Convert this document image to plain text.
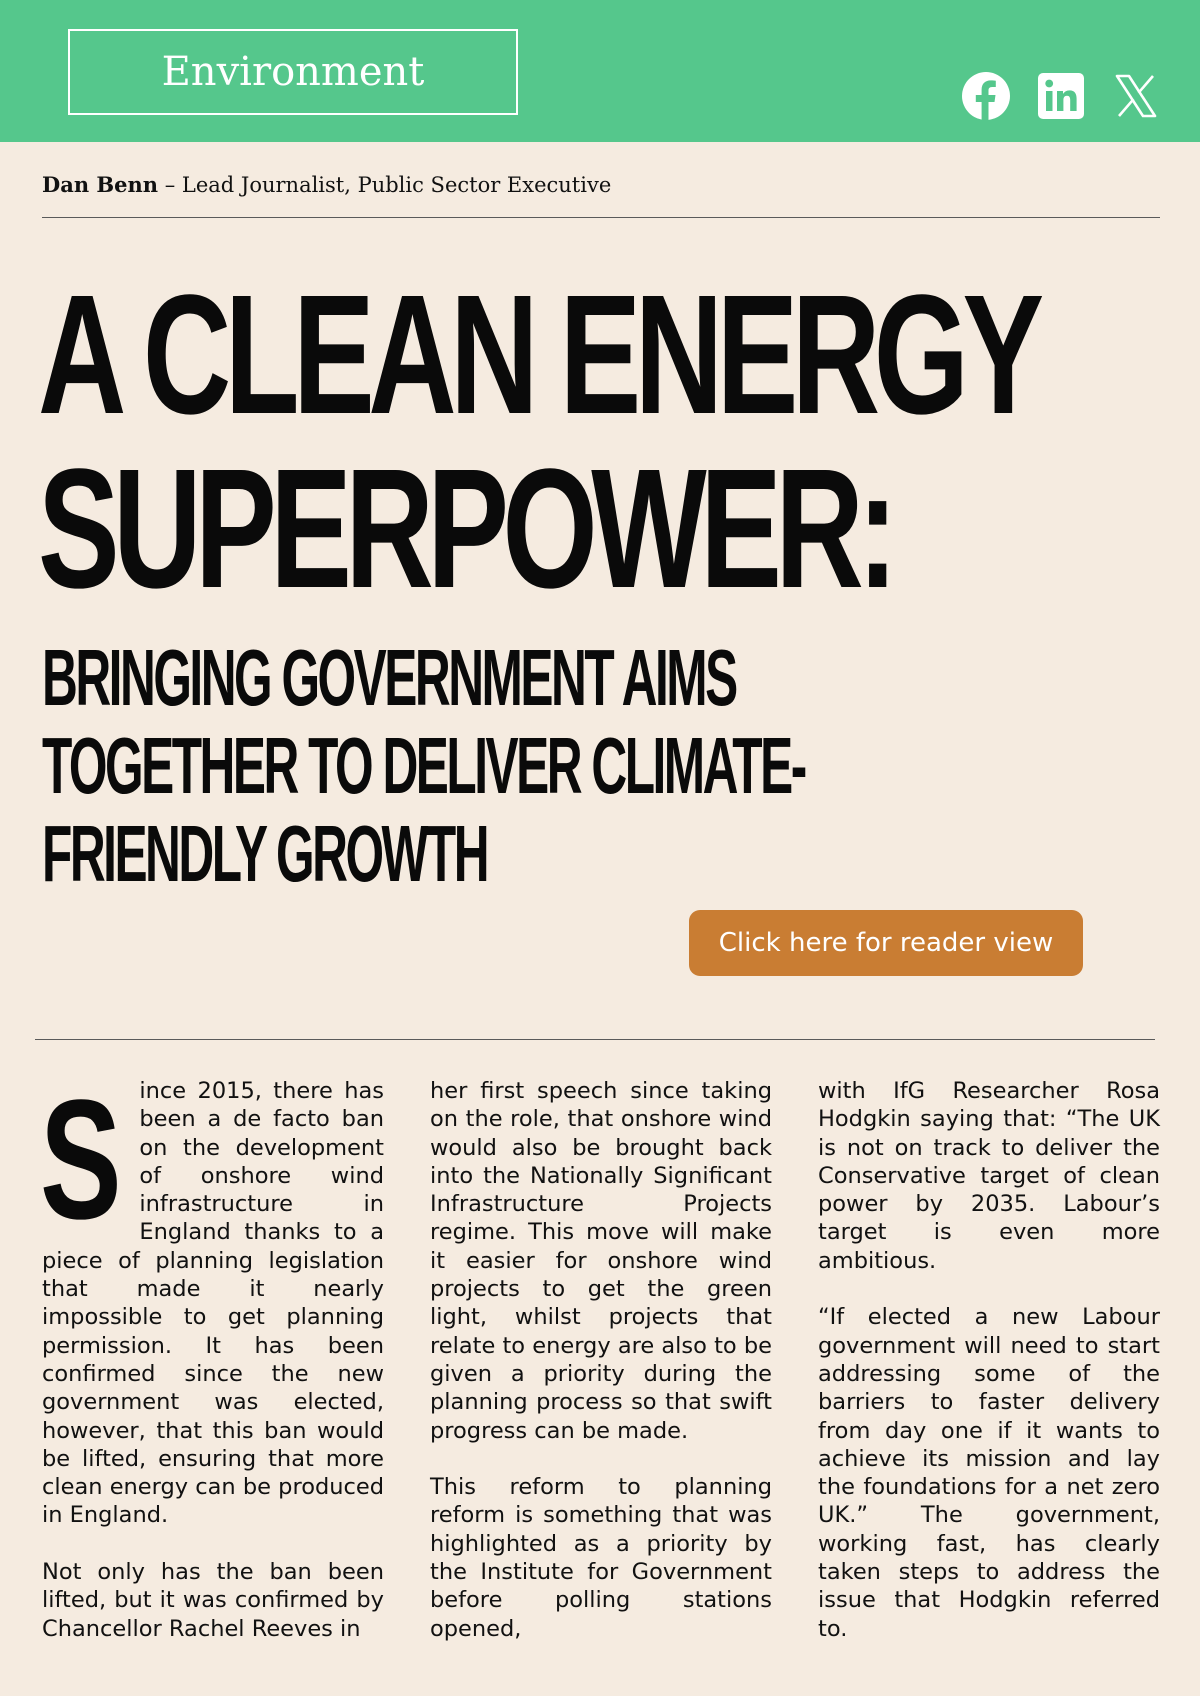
Environment
Dan Benn – Lead Journalist, Public Sector Executive
A CLEAN ENERGY
SUPERPOWER:
BRINGING GOVERNMENT AIMS
TOGETHER TO DELIVER CLIMATE-
FRIENDLY GROWTH
Click here for reader view

Since 2015, there has been a de facto ban on the development of onshore wind infrastructure in England thanks to a piece of planning legislation that made it nearly impossible to get planning permission. It has been confirmed since the new government was elected, however, that this ban would be lifted, ensuring that more clean energy can be produced in England.

Not only has the ban been lifted, but it was confirmed by Chancellor Rachel Reeves in

her first speech since taking on the role, that onshore wind would also be brought back into the Nationally Significant Infrastructure Projects regime. This move will make it easier for onshore wind projects to get the green light, whilst projects that relate to energy are also to be given a priority during the planning process so that swift progress can be made.

This reform to planning reform is something that was highlighted as a priority by the Institute for Government before polling stations opened,

with IfG Researcher Rosa Hodgkin saying that: “The UK is not on track to deliver the Conservative target of clean power by 2035. Labour’s target is even more ambitious.

“If elected a new Labour government will need to start addressing some of the barriers to faster delivery from day one if it wants to achieve its mission and lay the foundations for a net zero UK.” The government, working fast, has clearly taken steps to address the issue that Hodgkin referred to.
